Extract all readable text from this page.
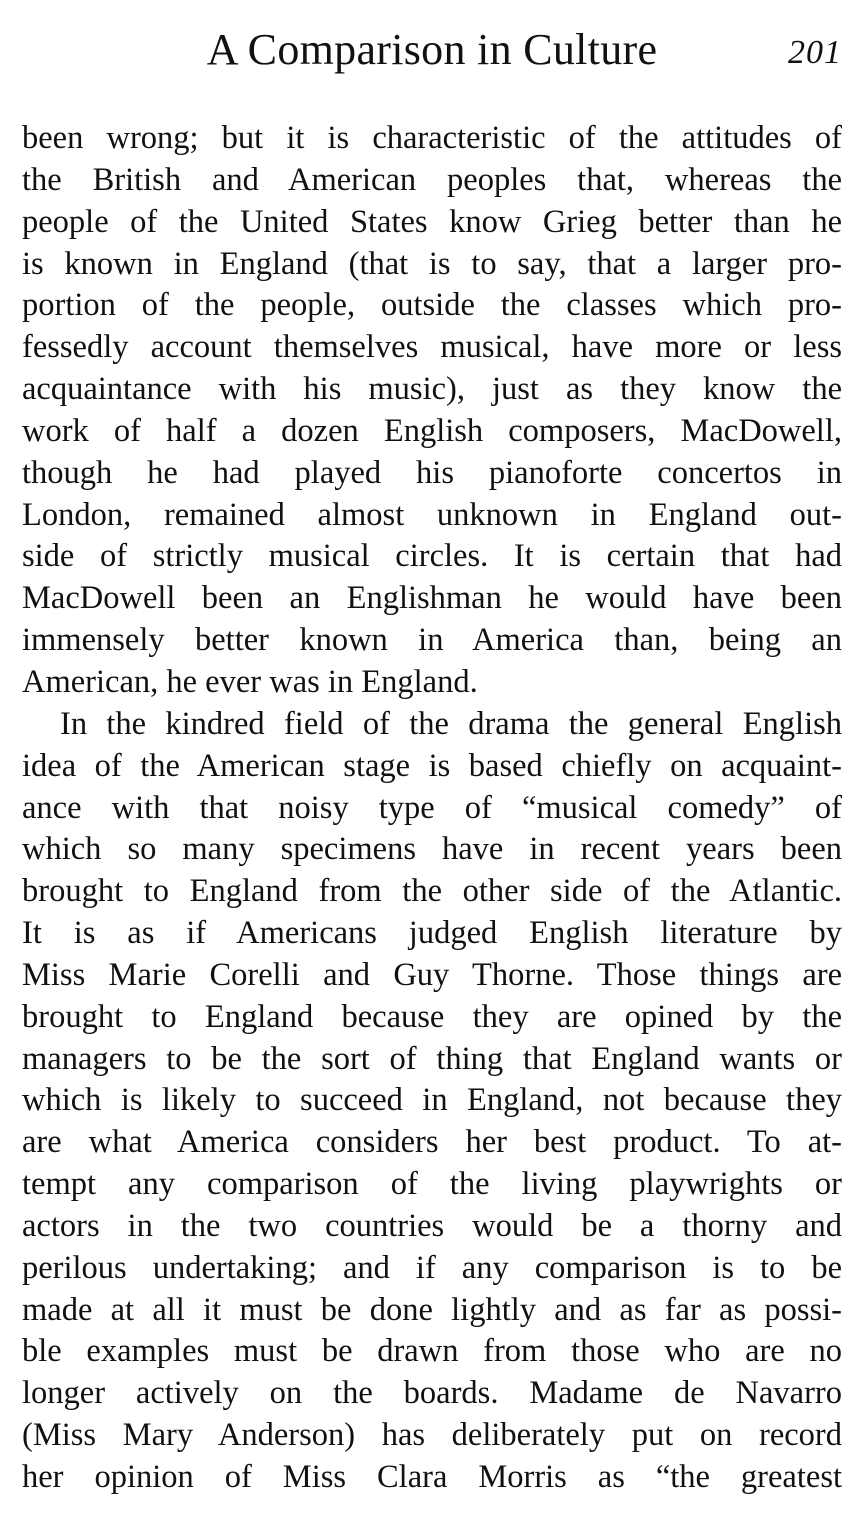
A Comparison in Culture	201
been wrong; but it is characteristic of the attitudes of
the British and American peoples that, whereas the
people of the United States know Grieg better than he
is known in England (that is to say, that a larger pro-
portion of the people, outside the classes which pro-
fessedly account themselves musical, have more or less
acquaintance with his music), just as they know the
work of half a dozen English composers, MacDowell,
though he had played his pianoforte concertos in
London, remained almost unknown in England out-
side of strictly musical circles. It is certain that had
MacDowell been an Englishman he would have been
immensely better known in America than, being an
American, he ever was in England.
In the kindred field of the drama the general English
idea of the American stage is based chiefly on acquaint-
ance with that noisy type of “musical comedy” of
which so many specimens have in recent years been
brought to England from the other side of the Atlantic.
It is as if Americans judged English literature by
Miss Marie Corelli and Guy Thorne. Those things are
brought to England because they are opined by the
managers to be the sort of thing that England wants or
which is likely to succeed in England, not because they
are what America considers her best product. To at-
tempt any comparison of the living playwrights or
actors in the two countries would be a thorny and
perilous undertaking; and if any comparison is to be
made at all it must be done lightly and as far as possi-
ble examples must be drawn from those who are no
longer actively on the boards. Madame de Navarro
(Miss Mary Anderson) has deliberately put on record
her opinion of Miss Clara Morris as “the greatest
